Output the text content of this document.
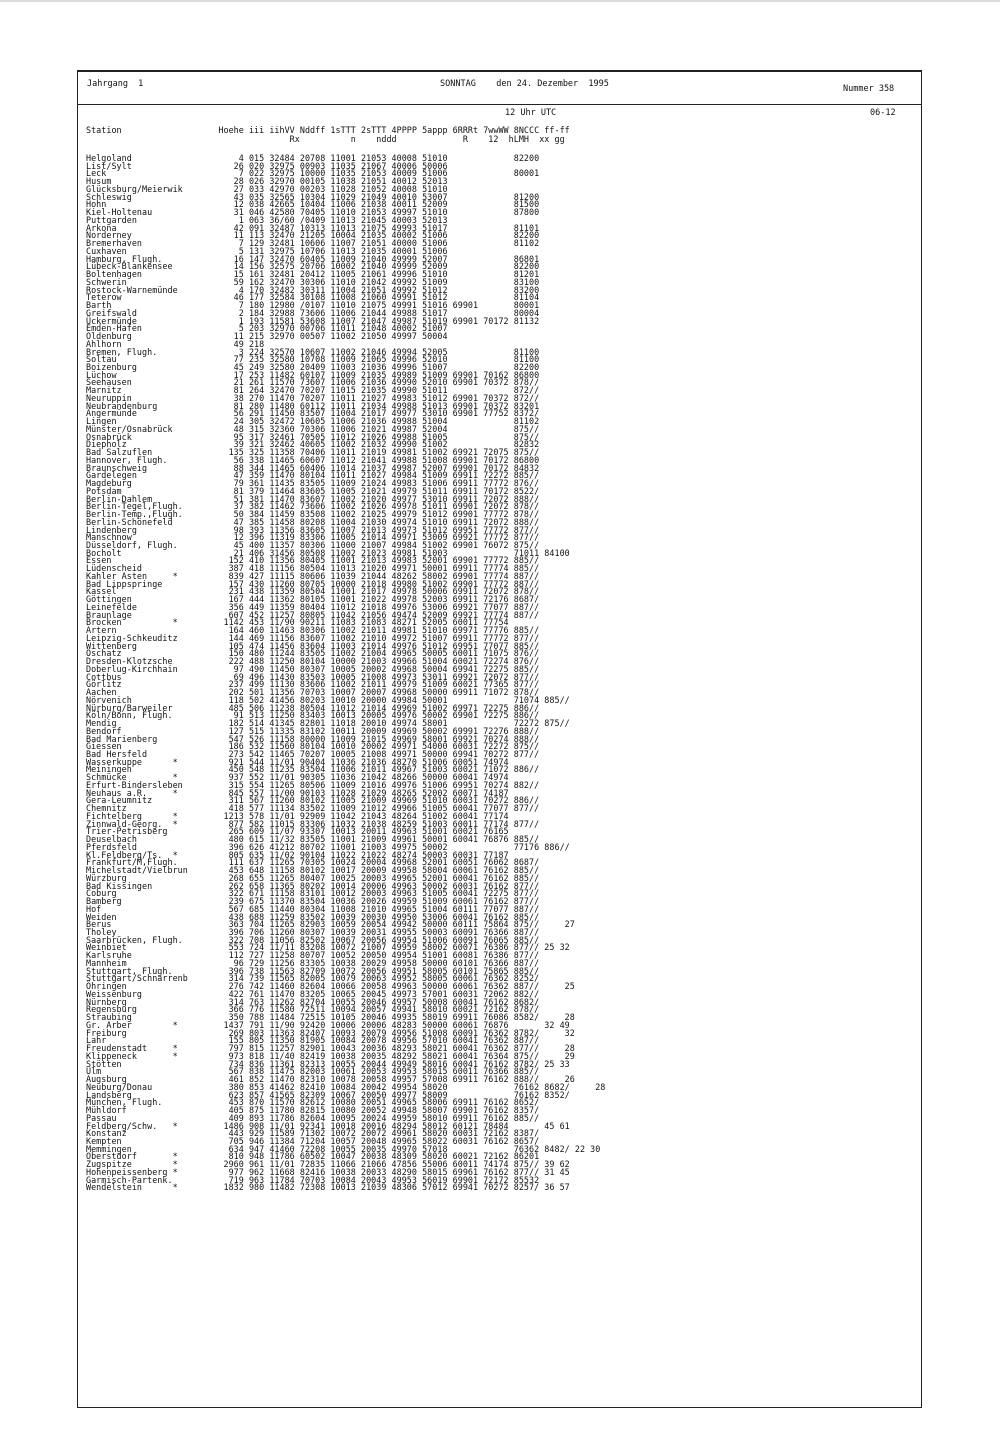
Jahrgang  1	SONNTAG    den 24. Dezember  1995	Nummer 358
12 Uhr UTC	06-12
Station                   Hoehe iii iihVV Nddff 1sTTT 2sTTT 4PPPP 5appp 6RRRt 7wwWW 8NCCC ff-ff
Rx          n    nddd             R    12  hLMH  xx gg
Helgoland                     4 015 32484 20708 11001 21053 40008 51010             82200
List/Sylt                    26 020 32975 00903 11035 21067 40006 50006
Leck                          7 022 32975 10000 11035 21053 40009 51006             80001
Husum                        28 026 32970 00105 11038 21051 40012 52013
Glücksburg/Meierwik          27 033 42970 00203 11028 21052 40008 51010
Schleswig                    43 035 32565 10304 11029 21049 40010 53007             81200
Hohn                         12 038 42665 10404 11006 21038 40011 52009             81500
Kiel-Holtenau                31 046 42580 70405 11010 21053 49997 51010             87800
Puttgarden                    1 063 36/60 /0409 11013 21045 40003 52013
Arkona                       42 091 32487 10313 11013 21075 49993 51017             81101
Norderney                    11 113 32470 21205 10004 21035 40002 51006             82200
Bremerhaven                   7 129 32481 10606 11007 21051 40000 51006             81102
Cuxhaven                      5 131 32975 10706 11013 21035 40001 51006
Hamburg, Flugh.              16 147 32470 60405 11009 21040 49999 52007             86801
Lübeck-Blankensee            14 156 32575 20706 10002 21040 49999 52009             82200
Boltenhagen                  15 161 32481 20412 11005 21061 49996 51010             81201
Schwerin                     59 162 32470 30306 11010 21042 49992 51009             83100
Rostock-Warnemünde            4 170 32482 30311 11004 21051 49992 51012             83200
Teterow                      46 177 32584 30108 11008 21060 49991 51012             81104
Barth                         7 180 12980 /0107 11010 21075 49991 51016 69901       80001
Greifswald                    2 184 32988 73606 11006 21044 49988 51017             80004
Ückermünde                    1 193 11581 53608 11007 21047 49987 51019 69901 70172 81132
Emden-Hafen                   5 203 32970 00706 11011 21048 40002 51007
Oldenburg                    11 215 32970 00507 11002 21050 49997 50004
Ahlhorn                      49 218
Bremen, Flugh.                3 224 32570 10607 11002 21046 49994 52005             81100
Soltau                       77 235 32580 10708 11009 21065 49996 52010             81100
Boizenburg                   45 249 32580 20409 11003 21036 49996 51007             82200
Lüchow                       17 253 11482 60107 11009 21035 49989 51009 69901 70162 86800
Seehausen                    21 261 11570 73607 11006 21036 49990 52010 69901 70372 878//
Marnitz                      81 264 32470 70207 11015 21035 49990 51011             872//
Neuruppin                    38 270 11470 70207 11011 21027 49983 51012 69901 70372 872//
Neubrandenburg               81 280 11480 60112 11011 21034 49988 51013 69901 70372 83201
Angermünde                   56 291 11450 83507 11004 21017 49977 53010 69901 77752 8372/
Lingen                       24 305 32472 10605 11006 21036 49988 51004             81102
Münster/Osnabrück            48 315 32360 70306 11006 21021 49987 52004             875//
Osnabrück                    95 317 32461 70505 11012 21026 49988 51005             875//
Diepholz                     39 321 32462 40605 11002 21032 49990 51002             82832
Bad Salzuflen               135 325 11358 70406 11011 21019 49981 51002 69921 72075 875//
Hannover, Flugh.             56 338 11465 60607 11012 21041 49988 51008 69901 70172 86800
Braunschweig                 88 344 11465 60406 11014 21037 49987 52007 69901 70172 84832
Gardelegen                   47 359 11470 80104 11011 21027 49984 51009 69911 72272 885//
Magdeburg                    79 361 11435 83505 11009 21024 49983 51006 69911 77772 876//
Potsdam                      81 379 11464 83605 11005 21021 49979 51011 69911 70172 8522/
Berlin-Dahlem                51 381 11470 83607 11002 21020 49977 53010 69911 72072 888//
Berlin-Tegel,Flugh.          37 382 11462 73606 11002 21026 49978 51011 69901 72072 878//
Berlin-Temp.,Flugh.          50 384 11459 83508 11002 21025 49979 51012 69901 77772 878//
Berlin-Schönefeld            47 385 11458 80208 11004 21030 49974 51010 69911 72072 888//
Lindenberg                   98 393 11356 83605 11007 21013 49973 51012 69951 77772 877//
Manschnow                    12 396 11319 83306 11005 21014 49971 53009 69921 77772 877//
Düsseldorf, Flugh.           45 400 11357 80306 11000 21007 49984 51002 69901 76072 875//
Bocholt                      21 406 31456 80508 11002 21023 49981 51003             71011 84100
Essen                       152 410 11356 80405 11001 21013 49983 52001 69901 77772 885//
Lüdenscheid                 387 418 11156 80504 11013 21020 49971 50001 69911 77774 885//
Kahler Asten     *          839 427 11115 80606 11039 21044 48262 58002 69901 77774 887//
Bad Lippspringe             157 430 11260 80705 10000 21018 49980 51002 69901 77772 887//
Kassel                      231 438 11359 80504 11001 21017 49978 50006 69911 72072 878//
Göttingen                   167 444 11362 80105 11001 21022 49978 52003 69911 72176 8687/
Leinefelde                  356 449 11359 80404 11012 21018 49976 53006 69921 77077 887//
Braunlage                   607 452 11257 80805 11042 21056 49474 52009 69921 77774 887//
Brocken          *         1142 453 11/90 90211 11083 21083 48271 52005 60011 77754
Artern                      164 460 11463 80306 11002 21011 49981 51010 69971 77776 885//
Leipzig-Schkeuditz          144 469 11156 83607 11002 21010 49972 51007 69911 77772 877//
Wittenberg                  105 474 11456 83604 11003 21014 49976 51012 69951 77077 885//
Oschatz                     150 480 11244 83505 11002 21004 49965 50005 60011 71075 876//
Dresden-Klotzsche           222 488 11250 80104 10000 21003 49966 51004 60021 72274 876//
Doberlug-Kirchhain           97 490 11450 80307 10005 20002 49968 50004 69941 72275 885//
Cottbus                      69 496 11430 83503 10005 21008 49973 53011 69921 72072 877//
Görlitz                     237 499 11130 83606 11002 21011 49979 51009 60021 77365 877//
Aachen                      202 501 11356 70703 10007 20007 49968 50000 69911 71072 878//
Nörvenich                   118 502 41456 80203 10010 20000 49984 50001             71074 885//
Nürburg/Barweiler           485 506 11238 80504 11012 21014 49969 51002 69971 72275 886//
Köln/Bonn, Flugh.            91 513 11250 83403 10013 20005 49976 50002 69901 72275 886//
Mendig                      182 514 41345 82801 11018 20010 49974 58001             72272 875//
Bendorf                     127 515 11335 83102 10011 20009 49969 50002 69991 72276 888//
Bad Marienberg              547 526 11158 80000 11009 21015 49969 58001 69921 70274 888//
Giessen                     186 532 11560 80104 10010 20002 49971 54000 60031 72272 875//
Bad Hersfeld                273 542 11465 70207 10005 21008 49971 50000 69941 70272 877//
Wasserkuppe      *          921 544 11/01 90404 11036 21036 48270 51006 60051 74974
Meiningen                   450 548 11235 83504 11006 21011 49967 51003 60021 71072 886//
Schmücke         *          937 552 11/01 90305 11036 21042 48266 50000 60041 74974
Erfurt-Bindersleben         315 554 11265 80506 11009 21016 49976 51006 69951 70274 882//
Neuhaus a.R.     *          845 557 11/00 90103 11028 21029 48265 52002 60071 74187
Gera-Leumnitz               311 567 11260 80102 11005 21009 49969 51010 60031 70272 886//
Chemnitz                    418 577 11134 83502 11009 21012 49966 51005 60041 77077 877//
Fichtelberg      *         1213 578 11/01 92909 11042 21043 48264 51002 60041 77174
Zinnwald-Georg.  *          877 582 11015 83306 11032 21038 48259 51003 60011 77174 877//
Trier-Petrisberg            265 609 11/07 93307 10013 20011 49963 51001 60021 76165
Deuselbach                  480 615 11/32 83505 11001 21009 49961 50001 60041 76876 885//
Pferdsfeld                  396 626 41212 80702 11001 21003 49975 50002             77176 886//
Kl.Feldberg/Ts.  *          805 635 11/02 90104 11022 21022 48274 50003 60031 77187
Frankfurt/M,Flugh.          111 637 11265 70305 10024 20004 49968 52001 60051 76062 8687/
Michelstadt/Vielbrun        453 648 11158 80102 10017 20009 49958 58004 60061 76162 885//
Würzburg                    268 655 11265 80407 10025 20003 49965 52001 60041 76162 885//
Bad Kissingen               262 658 11365 80202 10014 20006 49963 50002 60031 76162 877//
Coburg                      322 671 11158 83101 10012 20003 49963 51005 60041 72275 877//
Bamberg                     239 675 11370 83504 10036 20026 49959 51009 60061 76162 877//
Hof                         567 685 11440 80304 11008 21010 49965 51004 60111 77077 887//
Weiden                      438 688 11259 83502 10039 20030 49950 53006 60041 76162 885//
Berus                       363 704 11265 82903 10059 20054 49942 50000 60111 75864 875//     27
Tholey                      396 706 11260 80307 10039 20031 49955 50003 60091 76366 887//
Saarbrücken, Flugh.         322 708 11056 82502 10067 20056 49954 51006 60091 76065 885//
Weinbiet                    553 724 11/11 83208 10072 21007 49959 58002 60071 76386 877// 25 32
Karlsruhe                   112 727 11258 80707 10052 20050 49954 51001 60081 76386 877//
Mannheim                     96 729 11256 83305 10038 20029 49958 50000 60101 76366 887//
Stuttgart, Flugh.           396 738 11563 82709 10072 20056 49951 58005 60101 75865 885//
Stuttgart/Schnarrenb        314 739 11565 82005 10079 20063 49952 58005 60061 76362 8252/
Öhringen                    276 742 11460 82604 10066 20058 49963 50000 60061 76362 887//     25
Weissenburg                 422 761 11470 83205 10065 20045 49973 57001 60031 72062 882//
Nürnberg                    314 763 11262 82704 10055 20046 49957 50008 60041 76162 8682/
Regensburg                  366 776 11580 72511 10094 20057 49941 58010 60021 72162 878//
Straubing                   350 788 11484 72515 10105 20046 49935 58019 69911 76086 8582/     28
Gr. Arber        *         1437 791 11/90 92420 10006 20006 48283 50000 60061 76876       32 49
Freiburg                    269 803 11363 82407 10093 20079 49956 51008 60091 76362 8782/     32
Lahr                        155 805 11350 81905 10084 20078 49956 57010 60041 76362 887//
Freudenstadt     *          797 815 11257 82901 10043 20036 48293 58021 60041 76362 877//     28
Klippeneck       *          973 818 11/40 82419 10038 20035 48292 58021 60041 76364 875//     29
Stötten                     734 836 11361 82313 10055 20044 49949 58016 60041 76162 8782/ 25 33
Ulm                         567 838 11475 82003 10061 20053 49953 58015 60011 76366 885//
Augsburg                    461 852 11470 82310 10078 20058 49957 57008 69911 76162 888//     26
Neuburg/Donau               380 853 41462 82410 10084 20042 49954 58020             76162 8682/     28
Landsberg                   623 857 41565 82309 10067 20050 49977 58009             76162 8352/
München, Flugh.             453 870 11570 82612 10080 20051 49965 58006 69911 76162 8652/
Mühldorf                    405 875 11780 82815 10080 20052 49948 58007 69901 76162 8357/
Passau                      409 893 11786 82604 10095 20024 49959 58010 69911 76162 885//
Feldberg/Schw.   *         1486 908 11/01 92341 10018 20016 48294 58012 60121 78484       45 61
Konstanz                    443 929 11589 71302 10072 20072 49961 58020 60031 72162 8387/
Kempten                     705 946 11384 71204 10057 20048 49965 58022 60031 76162 8657/
Memmingen                   634 947 41460 72208 10055 20035 49970 57018             76362 8482/ 22 30
Oberstdorf       *          810 948 11786 60502 10047 20038 48309 58020 60021 72162 86201
Zugspitze        *         2960 961 11/01 72835 11066 21066 47856 55006 60011 74174 875// 39 62
Hohenpeissenberg *          977 962 11668 82416 10038 20033 48290 58015 69961 76162 877// 31 45
Garmisch-Partenk.           719 963 11784 70703 10084 20043 49953 56019 69901 72172 85532
Wendelstein      *         1832 980 11482 72308 10013 21039 48306 57012 69941 70272 8257/ 36 57
